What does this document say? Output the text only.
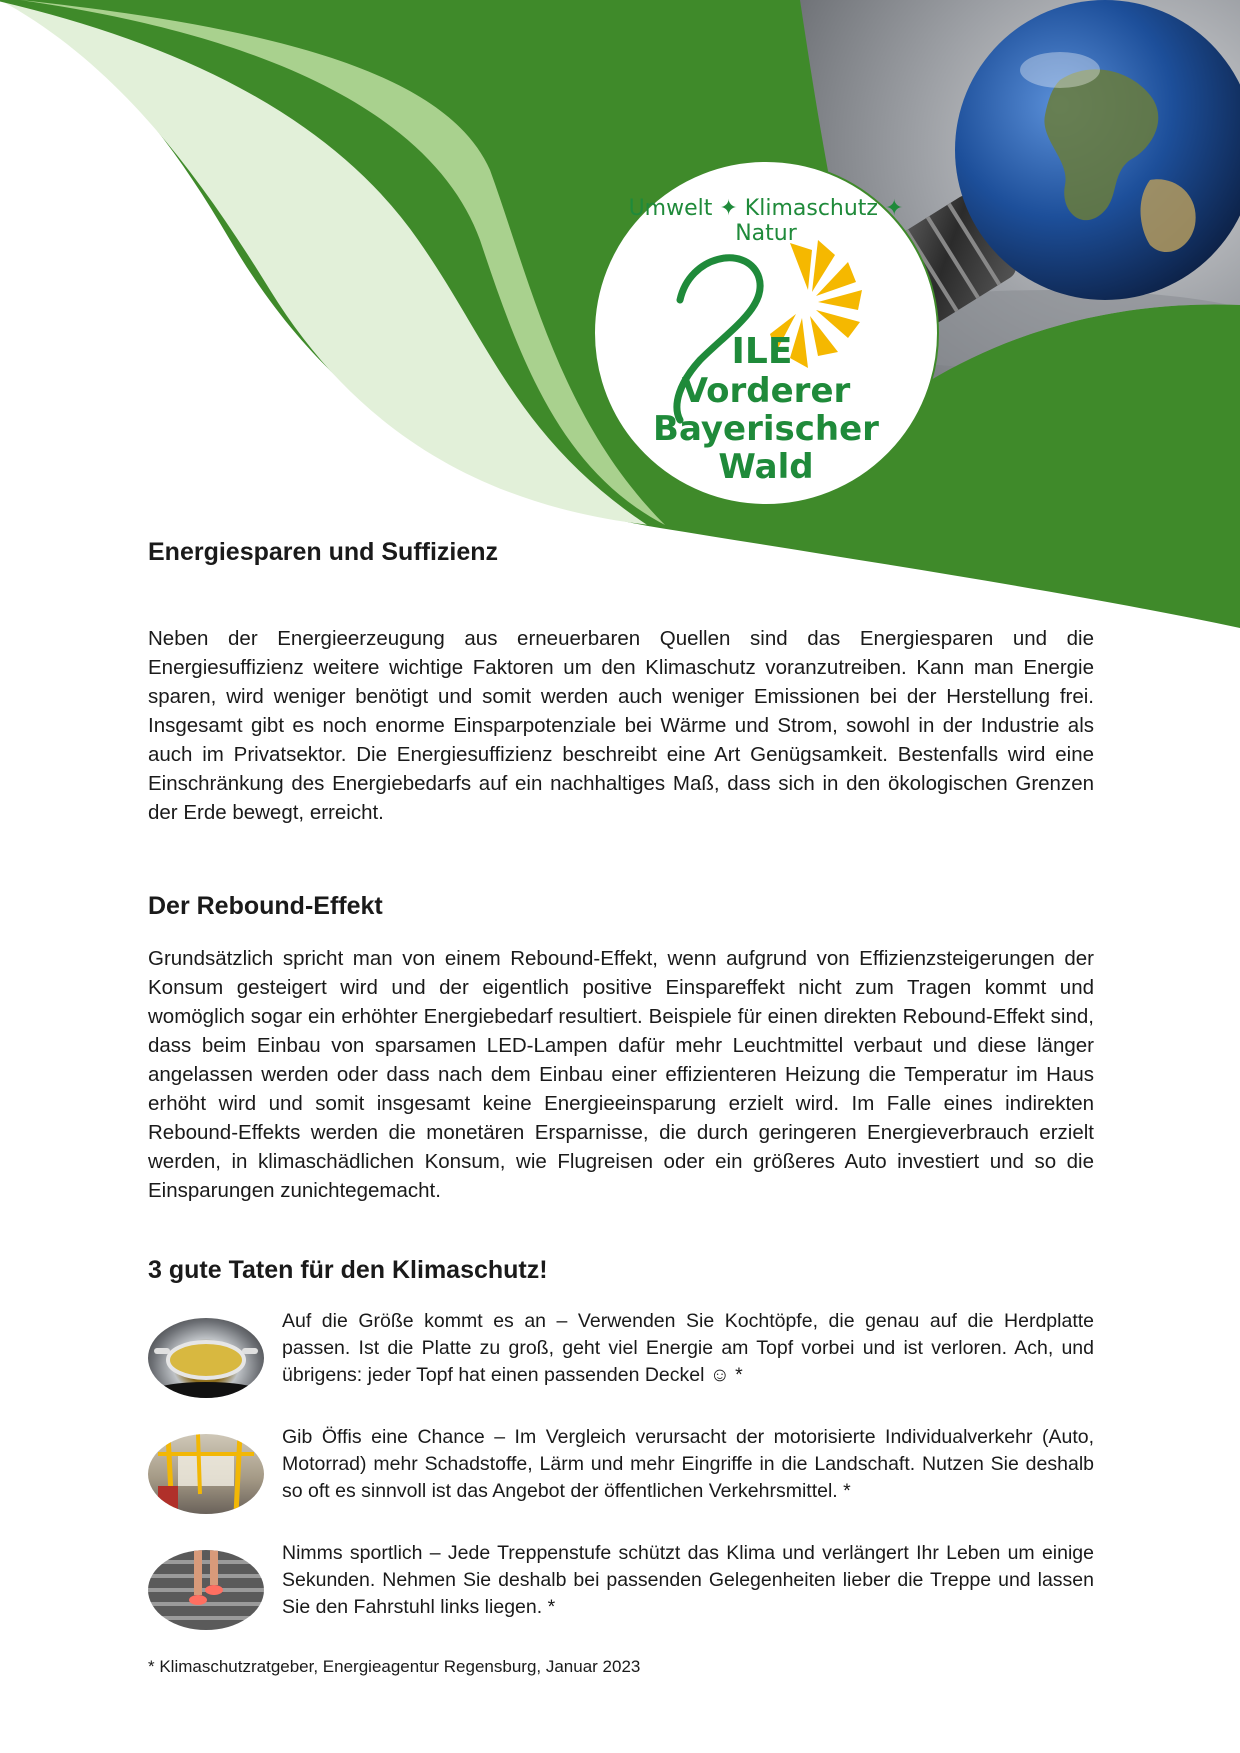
Umwelt ✦ Klimaschutz ✦ Natur
ILE
Vorderer
Bayerischer
Wald
Energiesparen und Suffizienz

Neben der Energieerzeugung aus erneuerbaren Quellen sind das Energiesparen und die Energiesuffizienz weitere wichtige Faktoren um den Klimaschutz voranzutreiben. Kann man Energie sparen, wird weniger benötigt und somit werden auch weniger Emissionen bei der Herstellung frei. Insgesamt gibt es noch enorme Einsparpotenziale bei Wärme und Strom, sowohl in der Industrie als auch im Privatsektor. Die Energiesuffizienz beschreibt eine Art Genügsamkeit. Bestenfalls wird eine Einschränkung des Energiebedarfs auf ein nachhaltiges Maß, dass sich in den ökologischen Grenzen der Erde bewegt, erreicht.

Der Rebound-Effekt

Grundsätzlich spricht man von einem Rebound-Effekt, wenn aufgrund von Effizienzsteigerungen der Konsum gesteigert wird und der eigentlich positive Einspareffekt nicht zum Tragen kommt und womöglich sogar ein erhöhter Energiebedarf resultiert. Beispiele für einen direkten Rebound-Effekt sind, dass beim Einbau von sparsamen LED-Lampen dafür mehr Leuchtmittel verbaut und diese länger angelassen werden oder dass nach dem Einbau einer effizienteren Heizung die Temperatur im Haus erhöht wird und somit insgesamt keine Energieeinsparung erzielt wird. Im Falle eines indirekten Rebound-Effekts werden die monetären Ersparnisse, die durch geringeren Energieverbrauch erzielt werden, in klimaschädlichen Konsum, wie Flugreisen oder ein größeres Auto investiert und so die Einsparungen zunichtegemacht.

3 gute Taten für den Klimaschutz!

Auf die Größe kommt es an – Verwenden Sie Kochtöpfe, die genau auf die Herdplatte passen. Ist die Platte zu groß, geht viel Energie am Topf vorbei und ist verloren. Ach, und übrigens: jeder Topf hat einen passenden Deckel ☺ *

Gib Öffis eine Chance – Im Vergleich verursacht der motorisierte Individualverkehr (Auto, Motorrad) mehr Schadstoffe, Lärm und mehr Eingriffe in die Landschaft. Nutzen Sie deshalb so oft es sinnvoll ist das Angebot der öffentlichen Verkehrsmittel. *

Nimms sportlich – Jede Treppenstufe schützt das Klima und verlängert Ihr Leben um einige Sekunden. Nehmen Sie deshalb bei passenden Gelegenheiten lieber die Treppe und lassen Sie den Fahrstuhl links liegen. *

* Klimaschutzratgeber, Energieagentur Regensburg, Januar 2023
